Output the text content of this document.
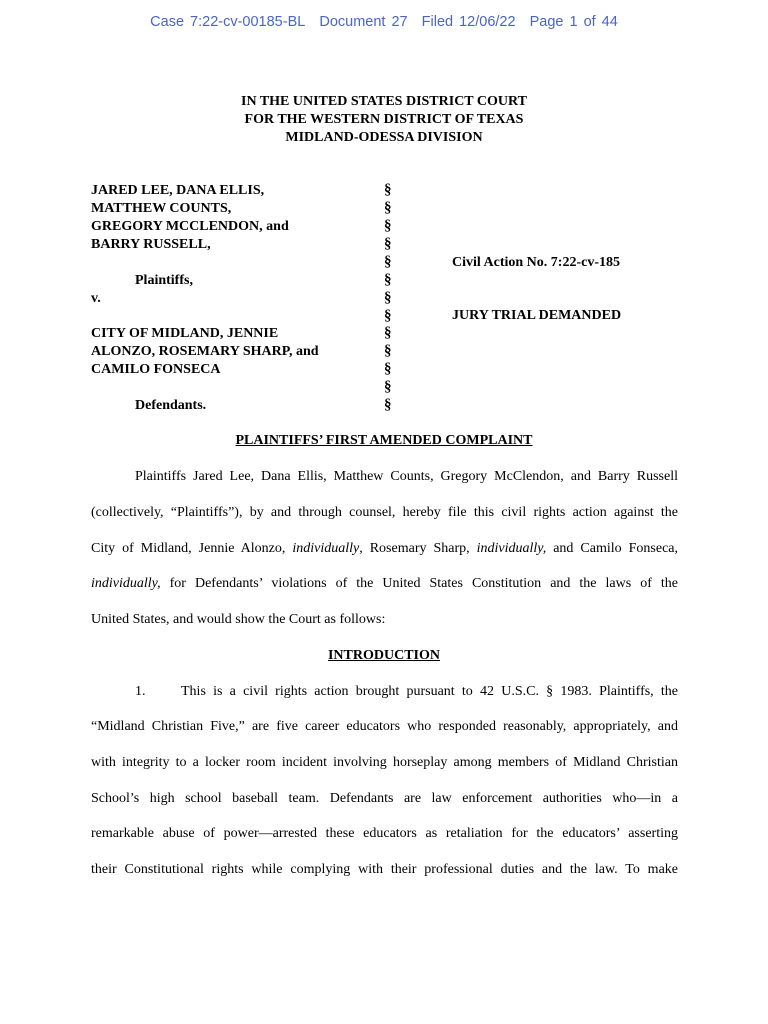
Case 7:22-cv-00185-BL Document 27 Filed 12/06/22 Page 1 of 44
IN THE UNITED STATES DISTRICT COURT
FOR THE WESTERN DISTRICT OF TEXAS
MIDLAND-ODESSA DIVISION
JARED LEE, DANA ELLIS,
MATTHEW COUNTS,
GREGORY MCCLENDON, and
BARRY RUSSELL,
Plaintiffs,
v.
CITY OF MIDLAND, JENNIE
ALONZO, ROSEMARY SHARP, and
CAMILO FONSECA
Defendants.
§
§
§
§
§
§
§
§
§
§
§
§
§
Civil Action No. 7:22-cv-185
JURY TRIAL DEMANDED
PLAINTIFFS’ FIRST AMENDED COMPLAINT
Plaintiffs Jared Lee, Dana Ellis, Matthew Counts, Gregory McClendon, and Barry Russell
(collectively, “Plaintiffs”), by and through counsel, hereby file this civil rights action against the
City of Midland, Jennie Alonzo, individually, Rosemary Sharp, individually, and Camilo Fonseca,
individually, for Defendants’ violations of the United States Constitution and the laws of the
United States, and would show the Court as follows:
INTRODUCTION
1.	This is a civil rights action brought pursuant to 42 U.S.C. § 1983. Plaintiffs, the
“Midland Christian Five,” are five career educators who responded reasonably, appropriately, and
with integrity to a locker room incident involving horseplay among members of Midland Christian
School’s high school baseball team. Defendants are law enforcement authorities who—in a
remarkable abuse of power—arrested these educators as retaliation for the educators’ asserting
their Constitutional rights while complying with their professional duties and the law. To make
